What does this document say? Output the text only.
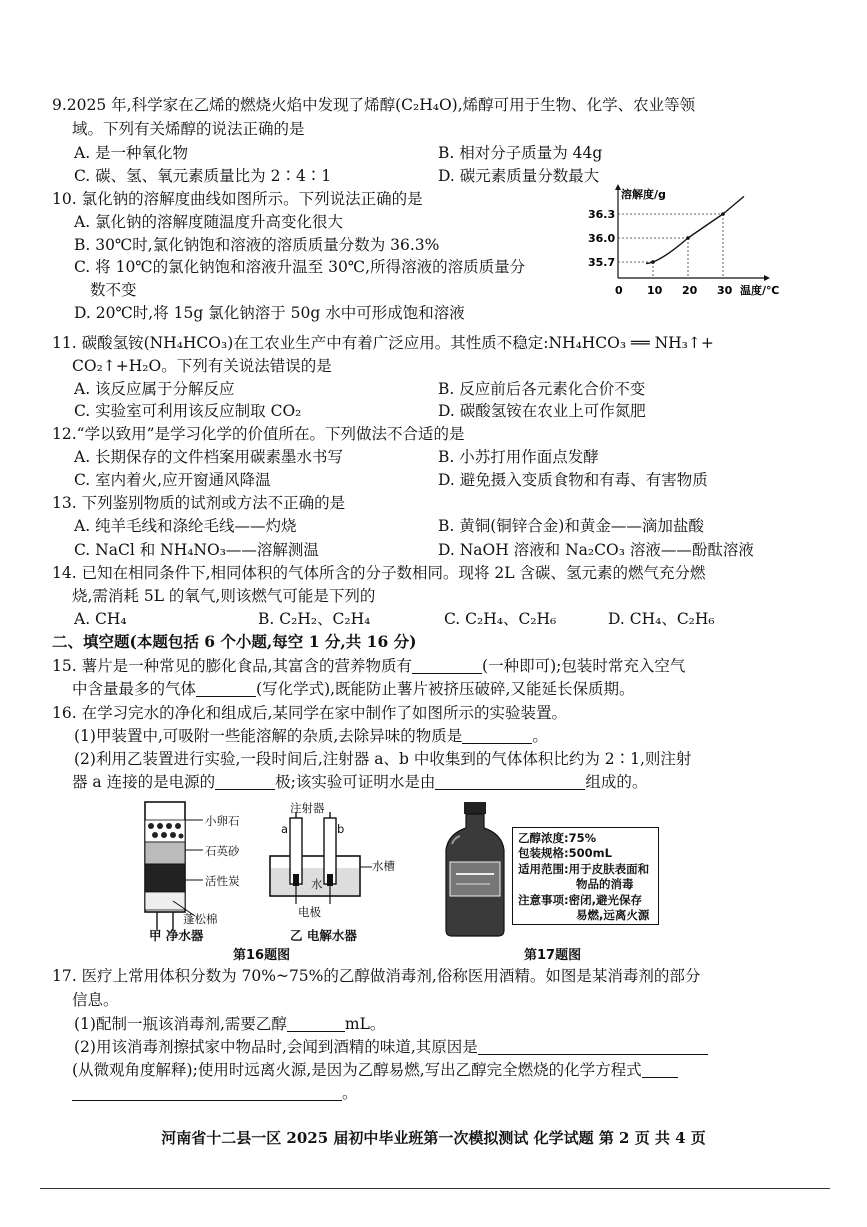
9.2025 年,科学家在乙烯的燃烧火焰中发现了烯醇(C₂H₄O),烯醇可用于生物、化学、农业等领
域。下列有关烯醇的说法正确的是
A. 是一种氧化物	B. 相对分子质量为 44g
C. 碳、氢、氧元素质量比为 2∶4∶1	D. 碳元素质量分数最大
10. 氯化钠的溶解度曲线如图所示。下列说法正确的是
A. 氯化钠的溶解度随温度升高变化很大
B. 30℃时,氯化钠饱和溶液的溶质质量分数为 36.3%
C. 将 10℃的氯化钠饱和溶液升温至 30℃,所得溶液的溶质质量分
数不变
D. 20℃时,将 15g 氯化钠溶于 50g 水中可形成饱和溶液
溶解度/g
温度/℃
0 10 20 30
35.7
36.0
36.3
11. 碳酸氢铵(NH₄HCO₃)在工农业生产中有着广泛应用。其性质不稳定:NH₄HCO₃ ══ NH₃↑+
CO₂↑+H₂O。下列有关说法错误的是
A. 该反应属于分解反应	B. 反应前后各元素化合价不变
C. 实验室可利用该反应制取 CO₂	D. 碳酸氢铵在农业上可作氮肥
12.“学以致用”是学习化学的价值所在。下列做法不合适的是
A. 长期保存的文件档案用碳素墨水书写	B. 小苏打用作面点发酵
C. 室内着火,应开窗通风降温	D. 避免摄入变质食物和有毒、有害物质
13. 下列鉴别物质的试剂或方法不正确的是
A. 纯羊毛线和涤纶毛线——灼烧	B. 黄铜(铜锌合金)和黄金——滴加盐酸
C. NaCl 和 NH₄NO₃——溶解测温	D. NaOH 溶液和 Na₂CO₃ 溶液——酚酞溶液
14. 已知在相同条件下,相同体积的气体所含的分子数相同。现将 2L 含碳、氢元素的燃气充分燃
烧,需消耗 5L 的氧气,则该燃气可能是下列的
A. CH₄	B. C₂H₂、C₂H₄	C. C₂H₄、C₂H₆	D. CH₄、C₂H₆
二、填空题(本题包括 6 个小题,每空 1 分,共 16 分)
15. 薯片是一种常见的膨化食品,其富含的营养物质有	(一种即可);包装时常充入空气
中含量最多的气体	(写化学式),既能防止薯片被挤压破碎,又能延长保质期。
16. 在学习完水的净化和组成后,某同学在家中制作了如图所示的实验装置。
(1)甲装置中,可吸附一些能溶解的杂质,去除异味的物质是	。
(2)利用乙装置进行实验,一段时间后,注射器 a、b 中收集到的气体体积比约为 2∶1,则注射
器 a 连接的是电源的	极;该实验可证明水是由	组成的。
小卵石
石英砂
活性炭
蓬松棉
甲 净水器
注射器
a	b
水
水槽
电极
乙 电解水器
第16题图
乙醇浓度:75%
包装规格:500mL
适用范围:用于皮肤表面和
物品的消毒
注意事项:密闭,避光保存
易燃,远离火源
第17题图
17. 医疗上常用体积分数为 70%~75%的乙醇做消毒剂,俗称医用酒精。如图是某消毒剂的部分
信息。
(1)配制一瓶该消毒剂,需要乙醇	mL。
(2)用该消毒剂擦拭家中物品时,会闻到酒精的味道,其原因是
(从微观角度解释);使用时远离火源,是因为乙醇易燃,写出乙醇完全燃烧的化学方程式
。
河南省十二县一区 2025 届初中毕业班第一次模拟测试 化学试题 第 2 页 共 4 页
